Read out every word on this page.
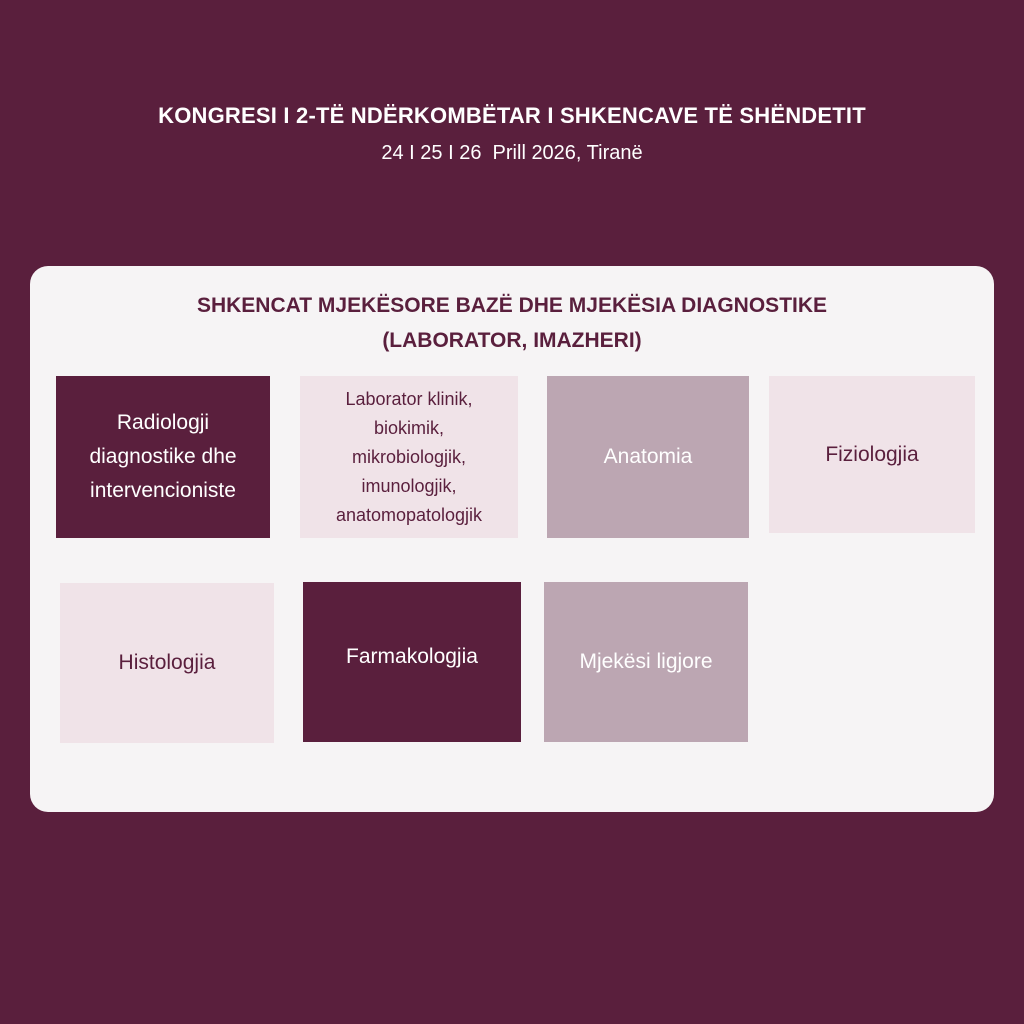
KONGRESI I 2-TË NDËRKOMBËTAR I SHKENCAVE TË SHËNDETIT
24 I 25 I 26  Prill 2026, Tiranë
SHKENCAT MJEKËSORE BAZË DHE MJEKËSIA DIAGNOSTIKE
(LABORATOR, IMAZHERI)
Radiologji
diagnostike dhe
intervencioniste
Laborator klinik,
biokimik,
mikrobiologjik,
imunologjik,
anatomopatologjik
Anatomia	Fiziologjia
Histologjia	Farmakologjia	Mjekësi ligjore
